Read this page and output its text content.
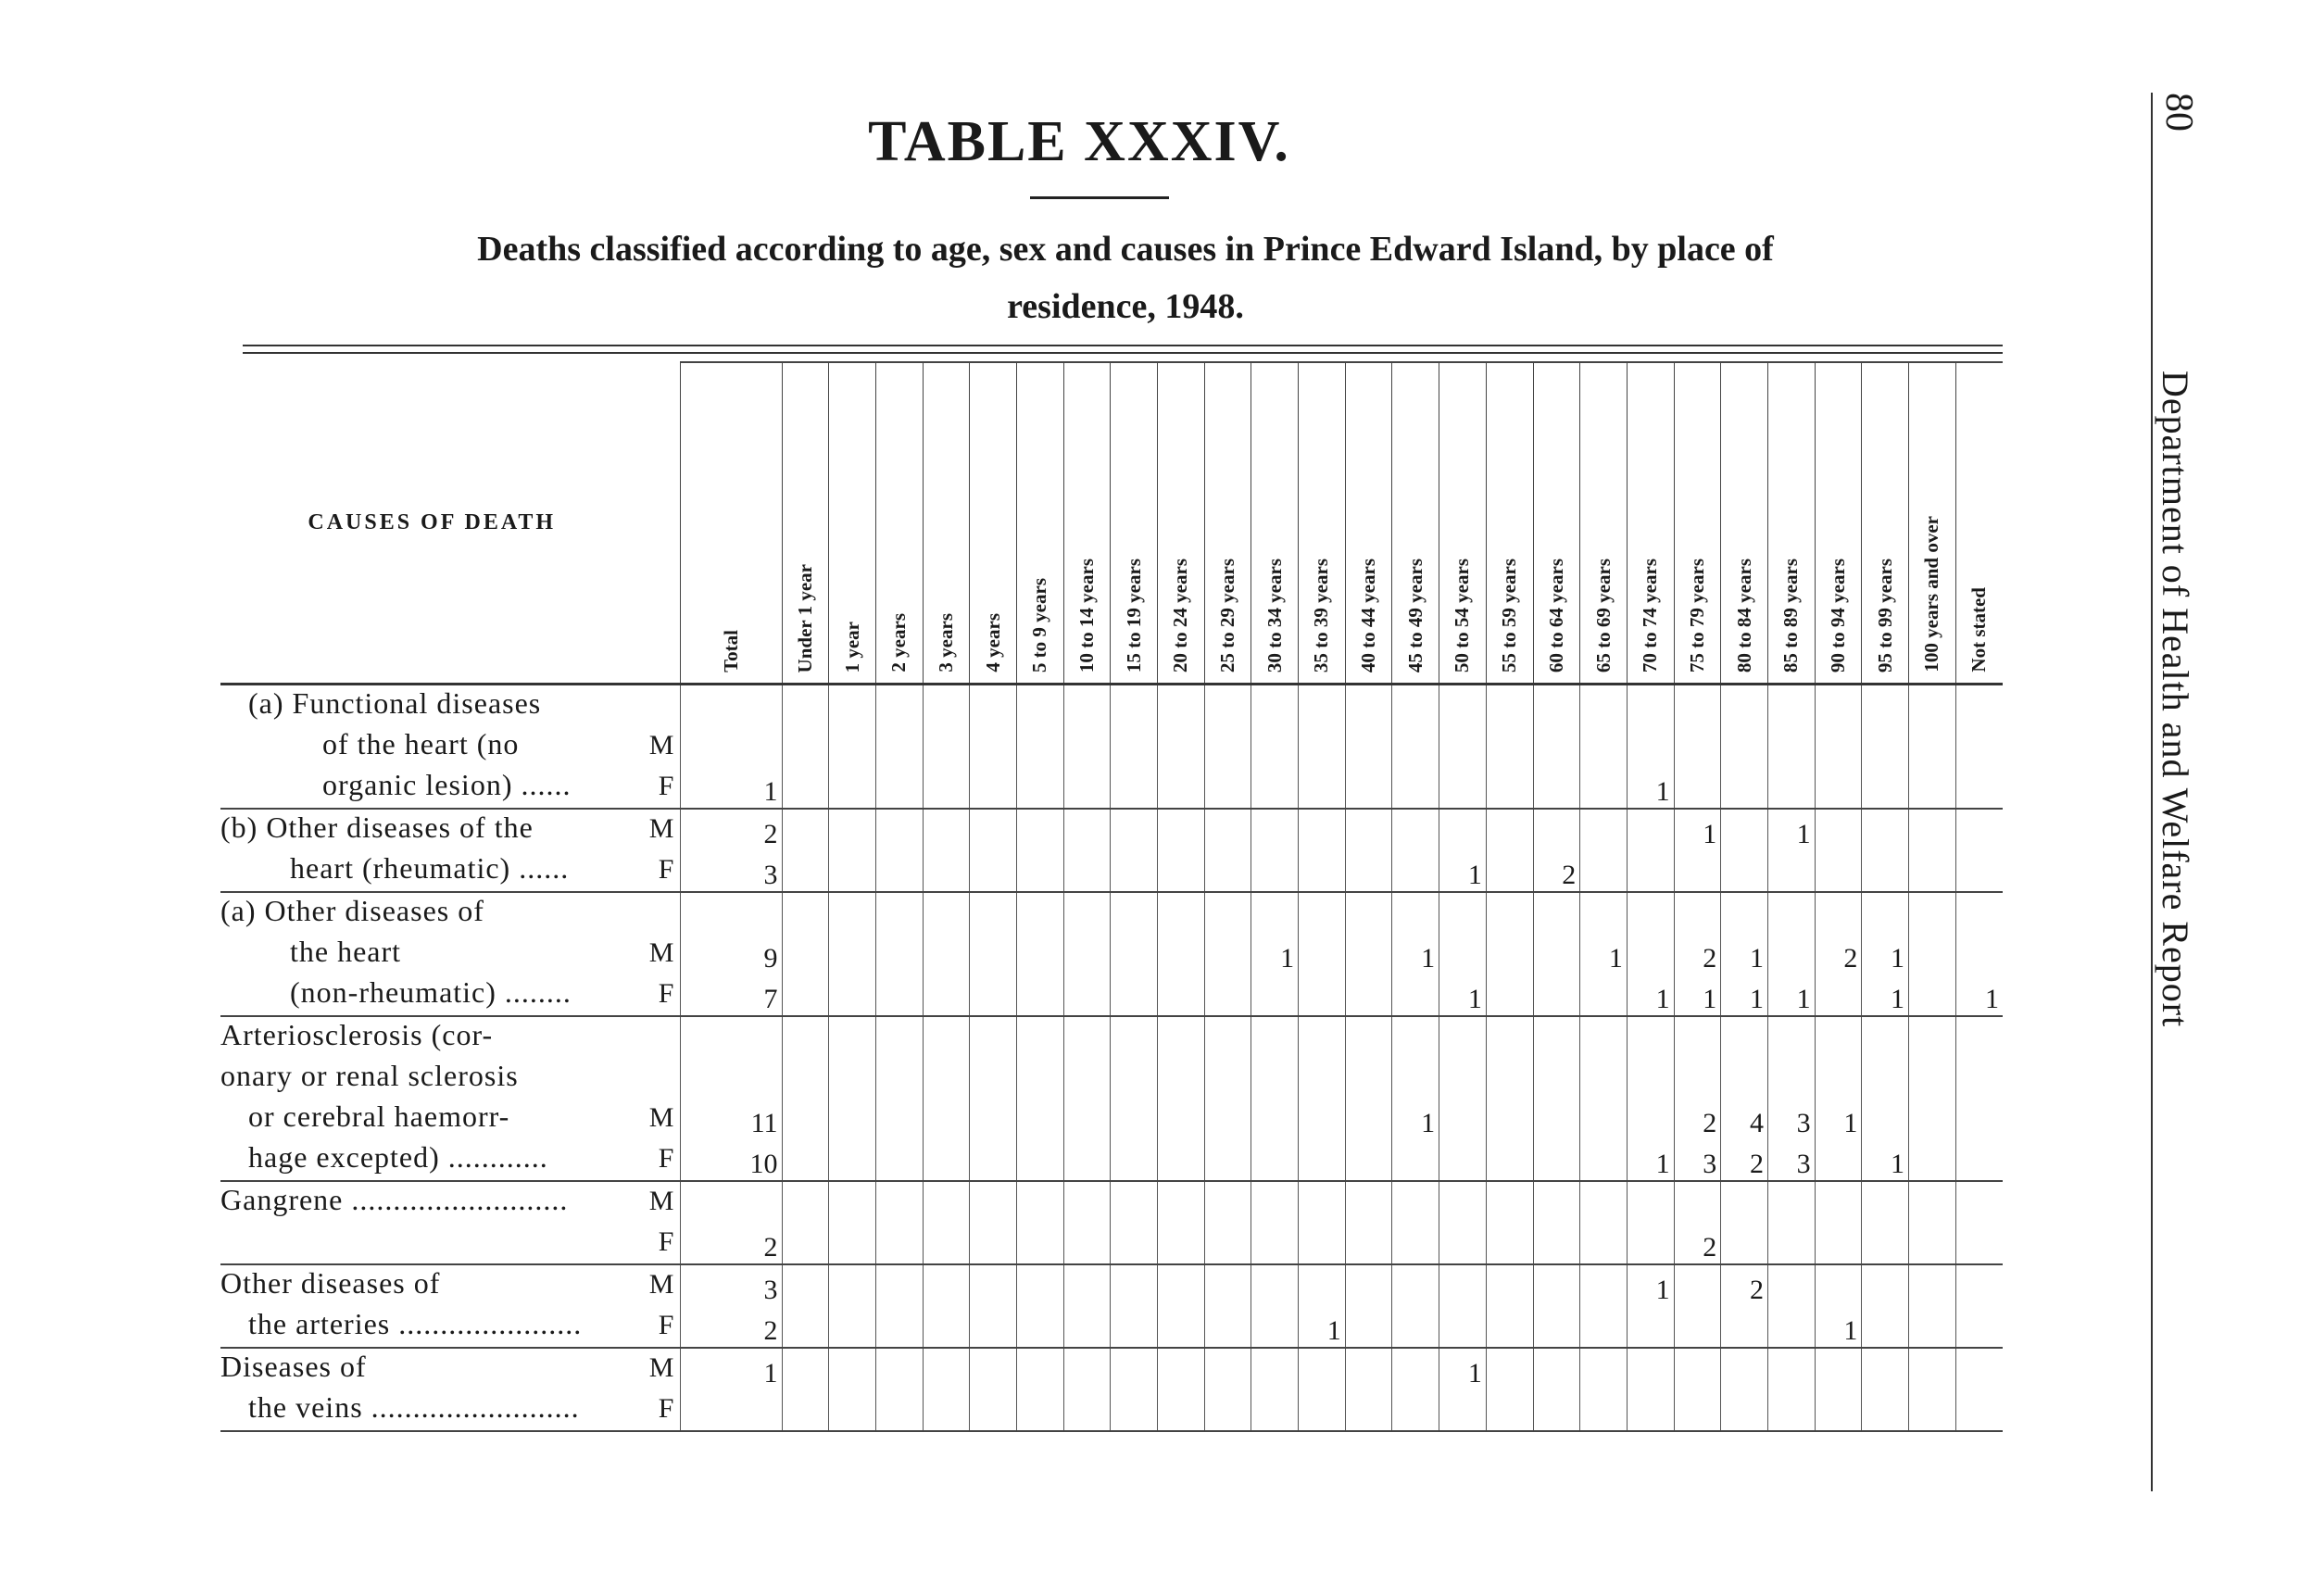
80
Department of Health and Welfare Report
TABLE XXXIV.
Deaths classified according to age, sex and causes in Prince Edward Island, by place of
residence, 1948.
CAUSES OF DEATH	Total	Under 1 year	1 year	2 years	3 years	4 years	5 to 9 years	10 to 14 years	15 to 19 years	20 to 24 years	25 to 29 years	30 to 34 years	35 to 39 years	40 to 44 years	45 to 49 years	50 to 54 years	55 to 59 years	60 to 64 years	65 to 69 years	70 to 74 years	75 to 79 years	80 to 84 years	85 to 89 years	90 to 94 years	95 to 99 years	100 years and over	Not stated

(a) Functional diseases																											

of the heart (no M																											

organic lesion) ...... F	1																			1							

(b) Other diseases of the M	2																				1		1				

heart (rheumatic) ...... F	3															1		2									

(a) Other diseases of																											

the heart M	9											1			1				1		2	1		2	1		

(non-rheumatic) ........ F	7															1				1	1	1	1		1		1

Arteriosclerosis (cor-																											

onary or renal sclerosis																											

or cerebral haemorr- M	11														1						2	4	3	1			

hage excepted) ............ F	10																			1	3	2	3		1		

Gangrene .......................... M																											

F	2																				2						

Other diseases of M	3																			1		2					

the arteries ...................... F	2												1											1			

Diseases of M	1															1											

the veins ......................... F																											
